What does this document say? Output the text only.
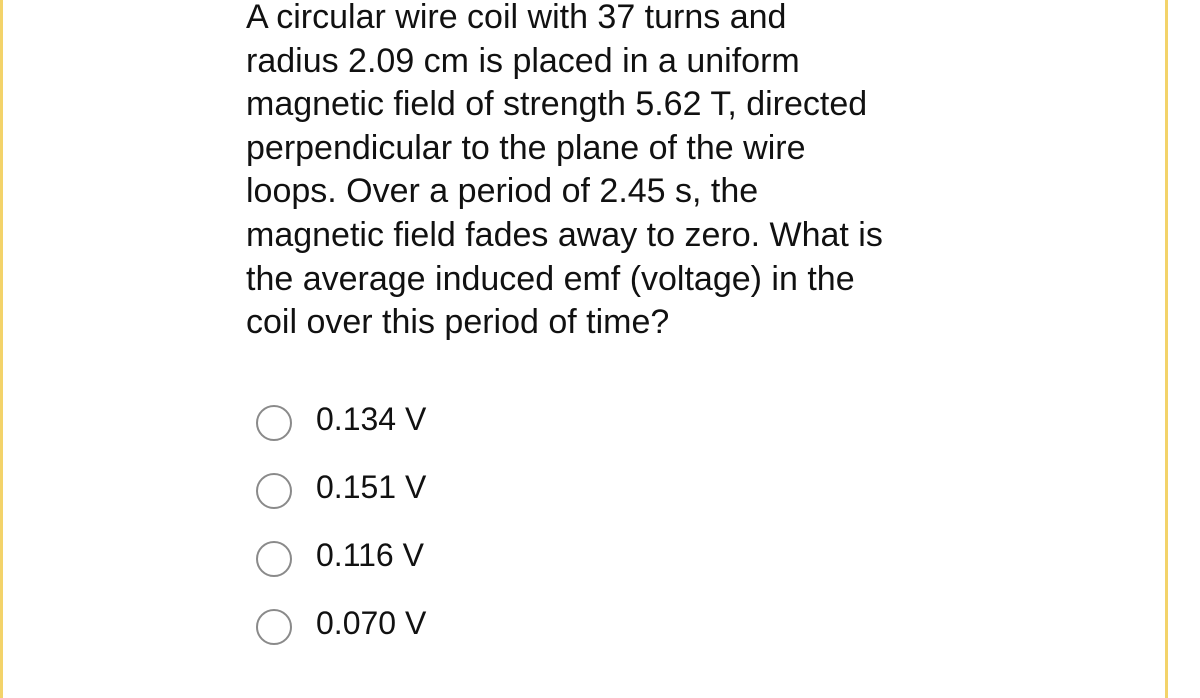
A circular wire coil with 37 turns and radius 2.09 cm is placed in a uniform magnetic field of strength 5.62 T, directed perpendicular to the plane of the wire loops. Over a period of 2.45 s, the magnetic field fades away to zero. What is the average induced emf (voltage) in the coil over this period of time?

0.134 V
0.151 V
0.116 V
0.070 V
